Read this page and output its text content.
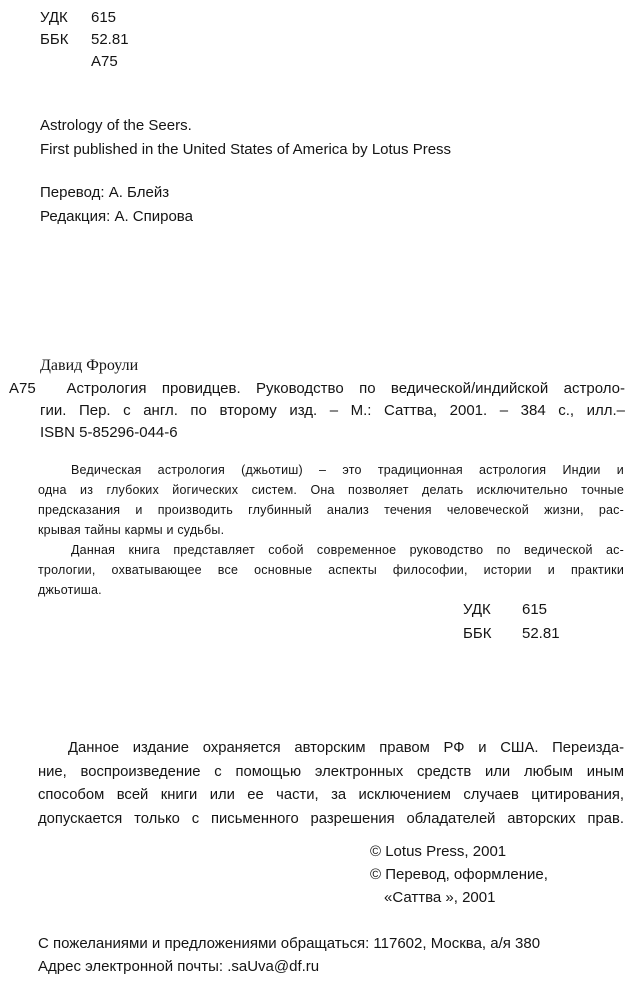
УДК 615
ББК 52.81
А75
Astrology of the Seers.
First published in the United States of America by Lotus Press
Перевод: А. Блейз
Редакция: А. Спирова
Давид Фроули
А75 Астрология провидцев. Руководство по ведической/индийской астроло-
гии. Пер. с англ. по второму изд. – М.: Саттва, 2001. – 384 с., илл.–
ISBN 5-85296-044-6
Ведическая астрология (джьотиш) – это традиционная астрология Индии и
одна из глубоких йогических систем. Она позволяет делать исключительно точные
предсказания и производить глубинный анализ течения человеческой жизни, рас-
крывая тайны кармы и судьбы.
Данная книга представляет собой современное руководство по ведической ас-
трологии, охватывающее все основные аспекты философии, истории и практики
джьотиша.
УДК 615
ББК 52.81
Данное издание охраняется авторским правом РФ и США. Переизда-
ние, воспроизведение с помощью электронных средств или любым иным
способом всей книги или ее части, за исключением случаев цитирования,
допускается только с письменного разрешения обладателей авторских прав.
© Lotus Press, 2001
© Перевод, оформление,
«Саттва », 2001
С пожеланиями и предложениями обращаться: 117602, Москва, а/я 380
Адрес электронной почты: .saUva@df.ru
